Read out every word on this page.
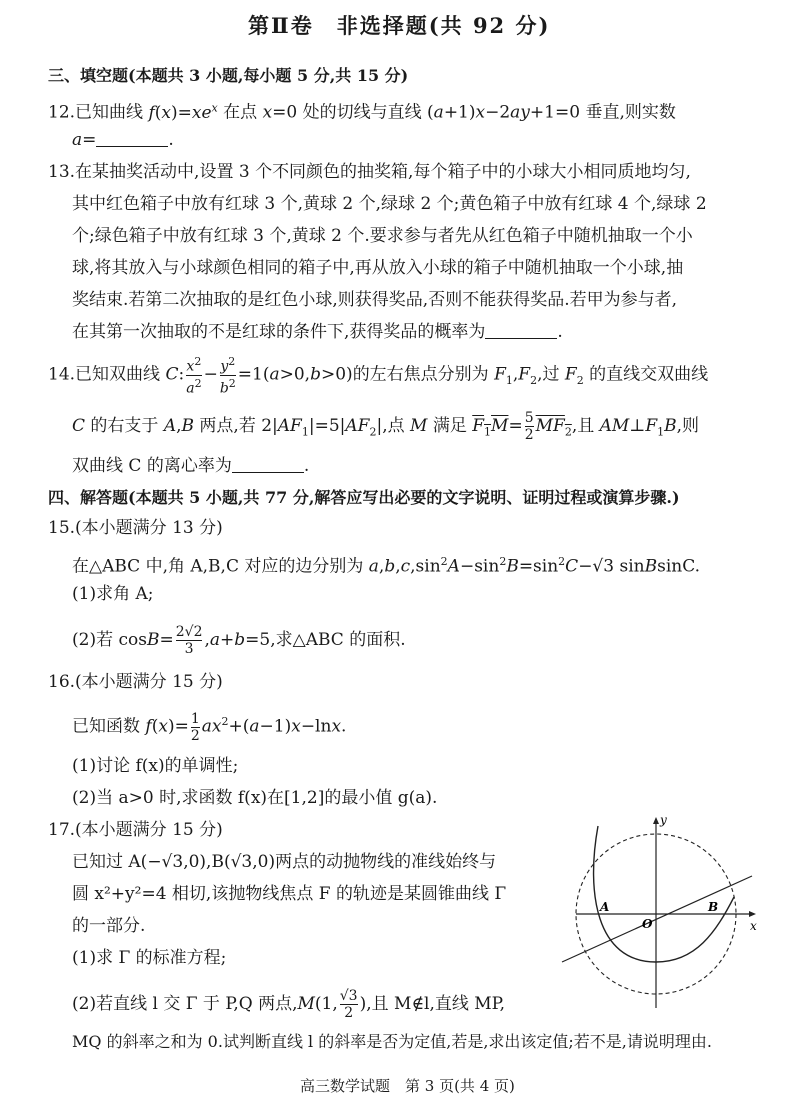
第Ⅱ卷　非选择题(共 92 分)
三、填空题(本题共 3 小题,每小题 5 分,共 15 分)
12.已知曲线 $f(x)=xe^x$ 在点 x=0 处的切线与直线 (a+1)x−2ay+1=0 垂直,则实数
a=	.
13.在某抽奖活动中,设置 3 个不同颜色的抽奖箱,每个箱子中的小球大小相同质地均匀,
其中红色箱子中放有红球 3 个,黄球 2 个,绿球 2 个;黄色箱子中放有红球 4 个,绿球 2
个;绿色箱子中放有红球 3 个,黄球 2 个.要求参与者先从红色箱子中随机抽取一个小
球,将其放入与小球颜色相同的箱子中,再从放入小球的箱子中随机抽取一个小球,抽
奖结束.若第二次抽取的是红色小球,则获得奖品,否则不能获得奖品.若甲为参与者,
在其第一次抽取的不是红球的条件下,获得奖品的概率为	.
14.已知双曲线 C: $\frac{x^2}{a^2} - \frac{y^2}{b^2} =1(a>0,b>0)$的左右焦点分别为 $F_1,F_2$,过 $F_2$ 的直线交双曲线
C 的右支于 A,B 两点,若 $2|AF_1|=5|AF_2|$,点 M 满足 $F_1M= \frac{5}{2} MF_2$,且 $AM\perp F_1B$,则
双曲线 C 的离心率为	.
四、解答题(本题共 5 小题,共 77 分,解答应写出必要的文字说明、证明过程或演算步骤.)
15.(本小题满分 13 分)
在△ABC 中,角 A,B,C 对应的边分别为 $a,b,c,\sin^2A-\sin^2B=\sin^2C-√3$ sinBsinC.
(1)求角 A;
(2)若 $\cos B= \frac{2√2}{3} ,a+b=5$,求△ABC 的面积.
16.(本小题满分 15 分)
已知函数 $f(x)= \frac{1}{2} ax^2+(a-1)x-\ln x$.
(1)讨论 f(x)的单调性;
(2)当 a>0 时,求函数 f(x)在[1,2]的最小值 g(a).
17.(本小题满分 15 分)
已知过 A(−√3,0),B(√3,0)两点的动抛物线的准线始终与
圆 x²+y²=4 相切,该抛物线焦点 F 的轨迹是某圆锥曲线 Γ
的一部分.
(1)求 Γ 的标准方程;
(2)若直线 l 交 Γ 于 P,Q 两点,M(1, $\frac{√3}{2}$ ),且 M∉l,直线 MP,
MQ 的斜率之和为 0.试判断直线 l 的斜率是否为定值,若是,求出该定值;若不是,请说明理由.
y
x
A
O
B
高三数学试题　第 3 页(共 4 页)
